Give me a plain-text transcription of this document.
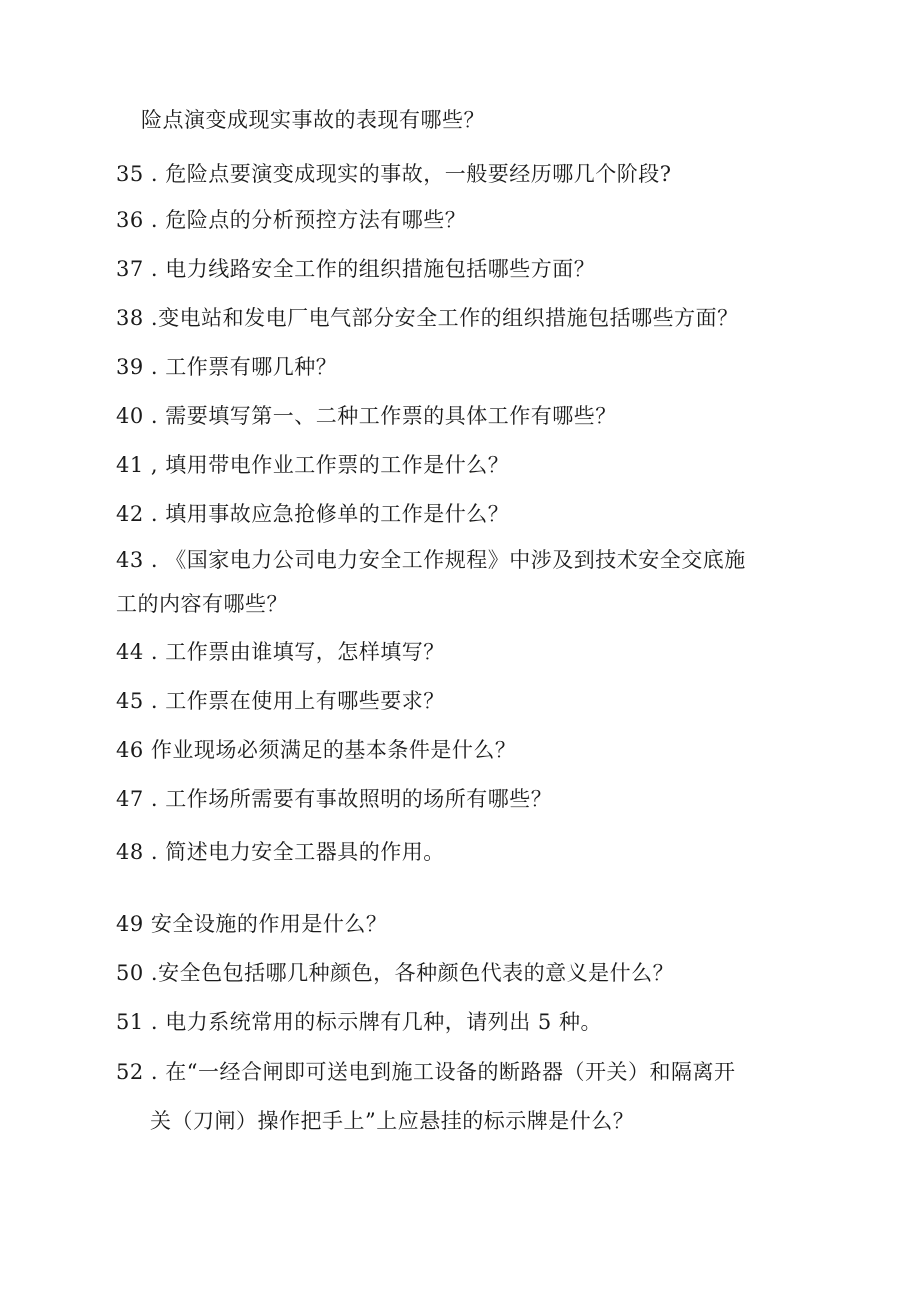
险点演变成现实事故的表现有哪些？
35 . 危险点要演变成现实的事故，一般要经历哪几个阶段?
36 . 危险点的分析预控方法有哪些？
37 . 电力线路安全工作的组织措施包括哪些方面？
38 .变电站和发电厂电气部分安全工作的组织措施包括哪些方面？
39 . 工作票有哪几种？
40 . 需要填写第一、二种工作票的具体工作有哪些？
41 , 填用带电作业工作票的工作是什么？
42 . 填用事故应急抢修单的工作是什么？
43 . 《国家电力公司电力安全工作规程》中涉及到技术安全交底施
工的内容有哪些？
44 . 工作票由谁填写，怎样填写？
45 . 工作票在使用上有哪些要求？
46 作业现场必须满足的基本条件是什么？
47 . 工作场所需要有事故照明的场所有哪些？
48 . 简述电力安全工器具的作用。
49 安全设施的作用是什么？
50 .安全色包括哪几种颜色，各种颜色代表的意义是什么？
51 . 电力系统常用的标示牌有几种，请列出 5 种。
52 . 在“一经合闸即可送电到施工设备的断路器（开关）和隔离开
关（刀闸）操作把手上”上应悬挂的标示牌是什么？
